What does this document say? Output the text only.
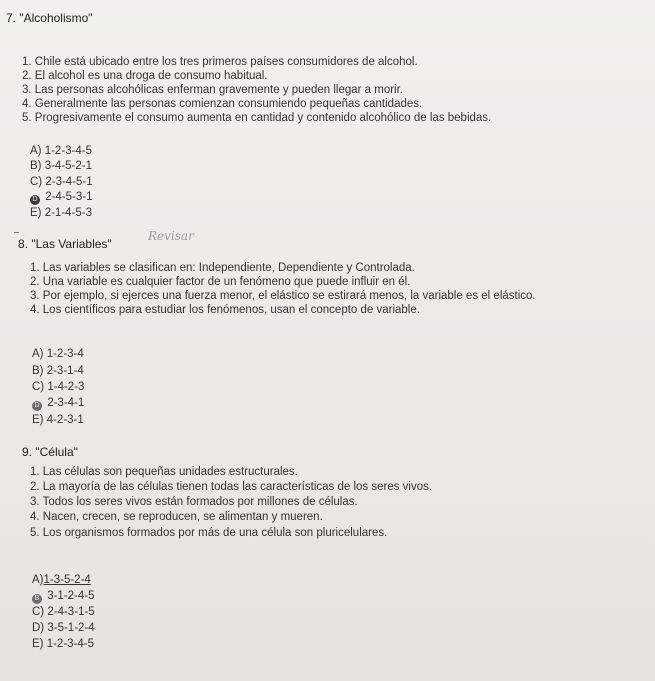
7. "Alcoholismo"
1. Chile está ubicado entre los tres primeros países consumidores de alcohol.
2. El alcohol es una droga de consumo habitual.
3. Las personas alcohólicas enferman gravemente y pueden llegar a morir.
4. Generalmente las personas comienzan consumiendo pequeñas cantidades.
5. Progresivamente el consumo aumenta en cantidad y contenido alcohólico de las bebidas.
A) 1-2-3-4-5
B) 3-4-5-2-1
C) 2-3-4-5-1
D 2-4-5-3-1
E) 2-1-4-5-3
8. "Las Variables"
Revisar
1. Las variables se clasifican en: Independiente, Dependiente y Controlada.
2. Una variable es cualquier factor de un fenómeno que puede influir en él.
3. Por ejemplo, si ejerces una fuerza menor, el elástico se estirará menos, la variable es el elástico.
4. Los científicos para estudiar los fenómenos, usan el concepto de variable.
A) 1-2-3-4
B) 2-3-1-4
C) 1-4-2-3
D 2-3-4-1
E) 4-2-3-1
9. "Célula"
1. Las células son pequeñas unidades estructurales.
2. La mayoría de las células tienen todas las características de los seres vivos.
3. Todos los seres vivos están formados por millones de células.
4. Nacen, crecen, se reproducen, se alimentan y mueren.
5. Los organismos formados por más de una célula son pluricelulares.
A)1-3-5-2-4
B 3-1-2-4-5
C) 2-4-3-1-5
D) 3-5-1-2-4
E) 1-2-3-4-5
